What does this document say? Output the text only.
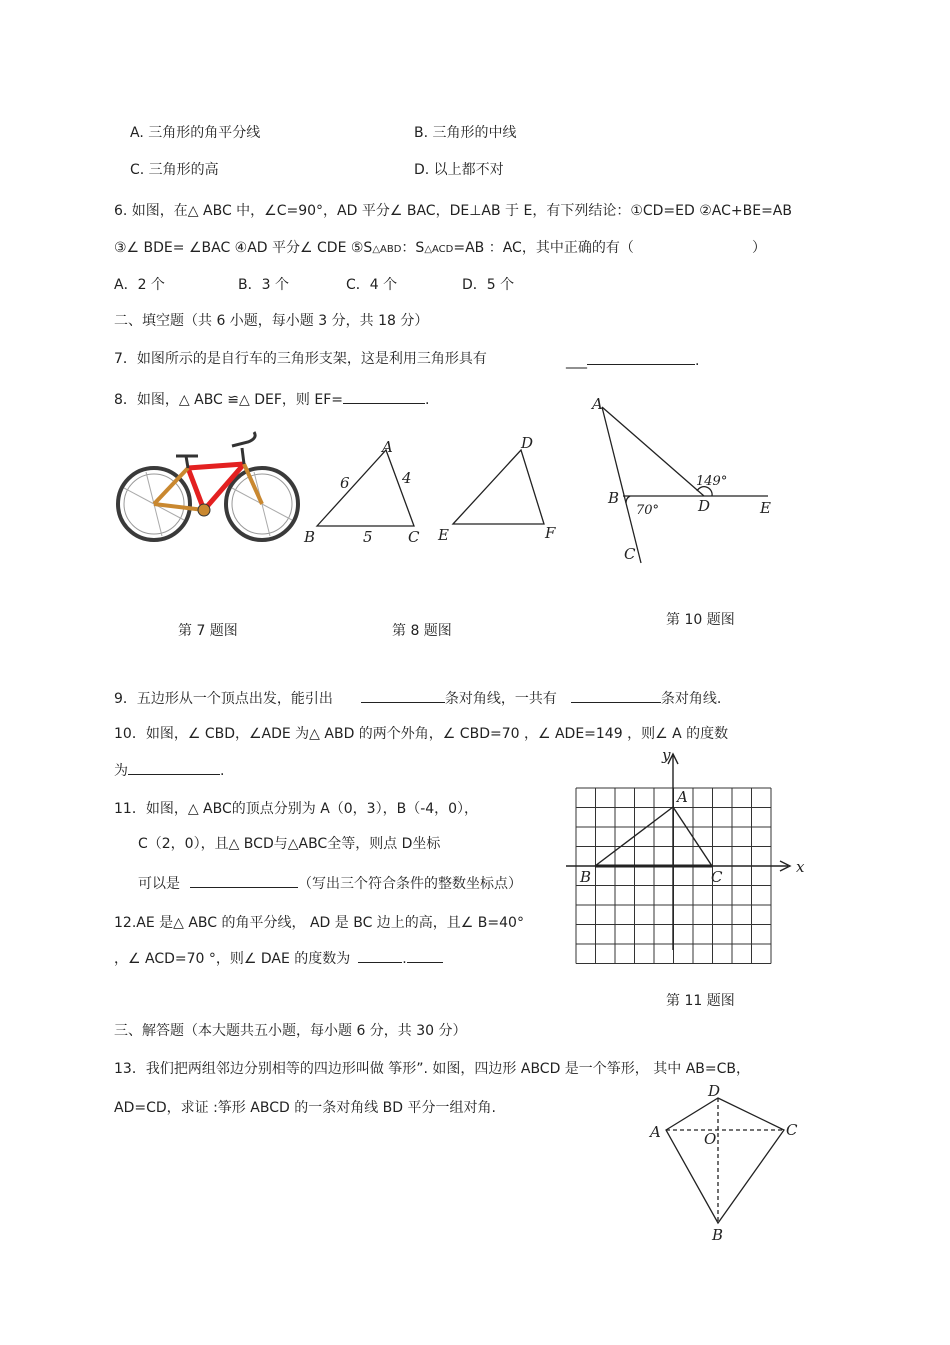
A. 三角形的角平分线	B. 三角形的中线
C. 三角形的高	D. 以上都不对
6. 如图，在△ ABC 中，∠C=90°，AD 平分∠ BAC，DE⊥AB 于 E，有下列结论：①CD=ED ②AC+BE=AB
③∠ BDE= ∠BAC ④AD 平分∠ CDE ⑤S△ABD：S△ACD=AB ：AC，其中正确的有（	）
A．2 个	B．3 个	C．4 个	D．5 个
二、填空题（共 6 小题，每小题 3 分，共 18 分）
7．如图所示的是自行车的三角形支架，这是利用三角形具有	___	.
8．如图，△ ABC ≌△ DEF，则 EF=	.
A
B	C
6	4
5
D
E	F
A
B
C
D	E
70°
149°
第 7 题图	第 8 题图
第 10 题图
9．五边形从一个顶点出发，能引出	条对角线，一共有	条对角线.
10．如图，∠ CBD，∠ADE 为△ ABD 的两个外角，∠ CBD=70 ，∠ ADE=149 ，则∠ A 的度数
为	.
11．如图，△ ABC的顶点分别为 A（0，3），B（-4，0），
C（2，0），且△ BCD与△ABC全等，则点 D坐标
可以是	（写出三个符合条件的整数坐标点）
A
B	C
x
y
12.AE 是△ ABC 的角平分线， AD 是 BC 边上的高，且∠ B=40°
，∠ ACD=70 °，则∠ DAE 的度数为	.
第 11 题图
三、解答题（本大题共五小题，每小题 6 分，共 30 分）
13．我们把两组邻边分别相等的四边形叫做 筝形”. 如图，四边形 ABCD 是一个筝形， 其中 AB=CB，
AD=CD，求证 :筝形 ABCD 的一条对角线 BD 平分一组对角.
D
A	C
O
B
